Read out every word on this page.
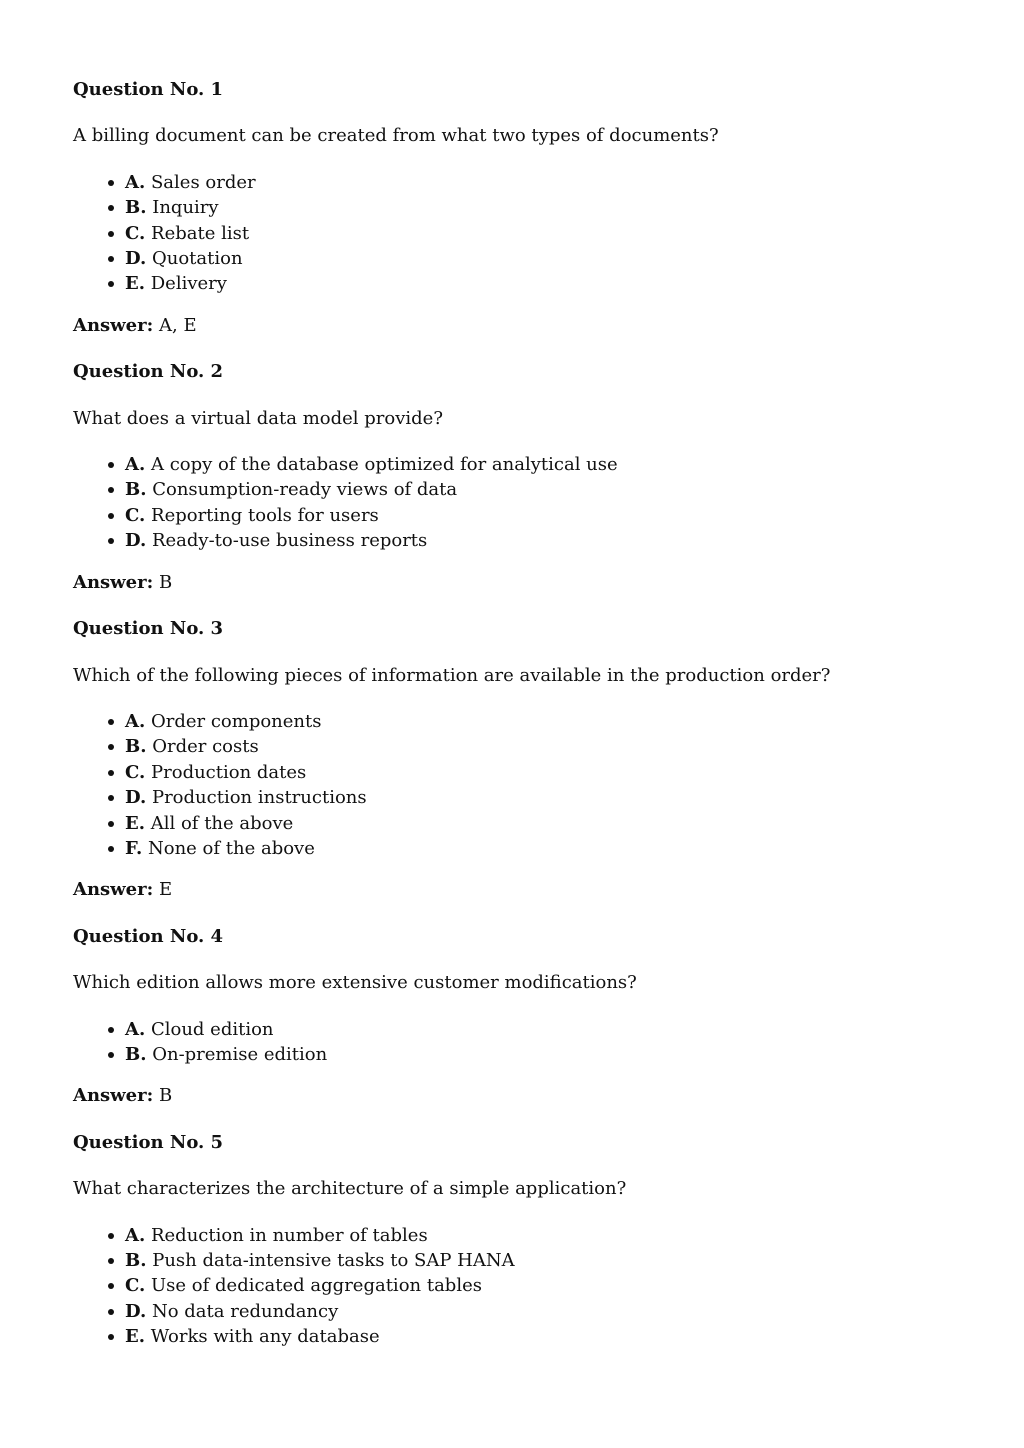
Question No. 1

A billing document can be created from what two types of documents?

A. Sales order
B. Inquiry
C. Rebate list
D. Quotation
E. Delivery

Answer: A, E

Question No. 2

What does a virtual data model provide?

A. A copy of the database optimized for analytical use
B. Consumption-ready views of data
C. Reporting tools for users
D. Ready-to-use business reports

Answer: B

Question No. 3

Which of the following pieces of information are available in the production order?

A. Order components
B. Order costs
C. Production dates
D. Production instructions
E. All of the above
F. None of the above

Answer: E

Question No. 4

Which edition allows more extensive customer modifications?

A. Cloud edition
B. On-premise edition

Answer: B

Question No. 5

What characterizes the architecture of a simple application?

A. Reduction in number of tables
B. Push data-intensive tasks to SAP HANA
C. Use of dedicated aggregation tables
D. No data redundancy
E. Works with any database
